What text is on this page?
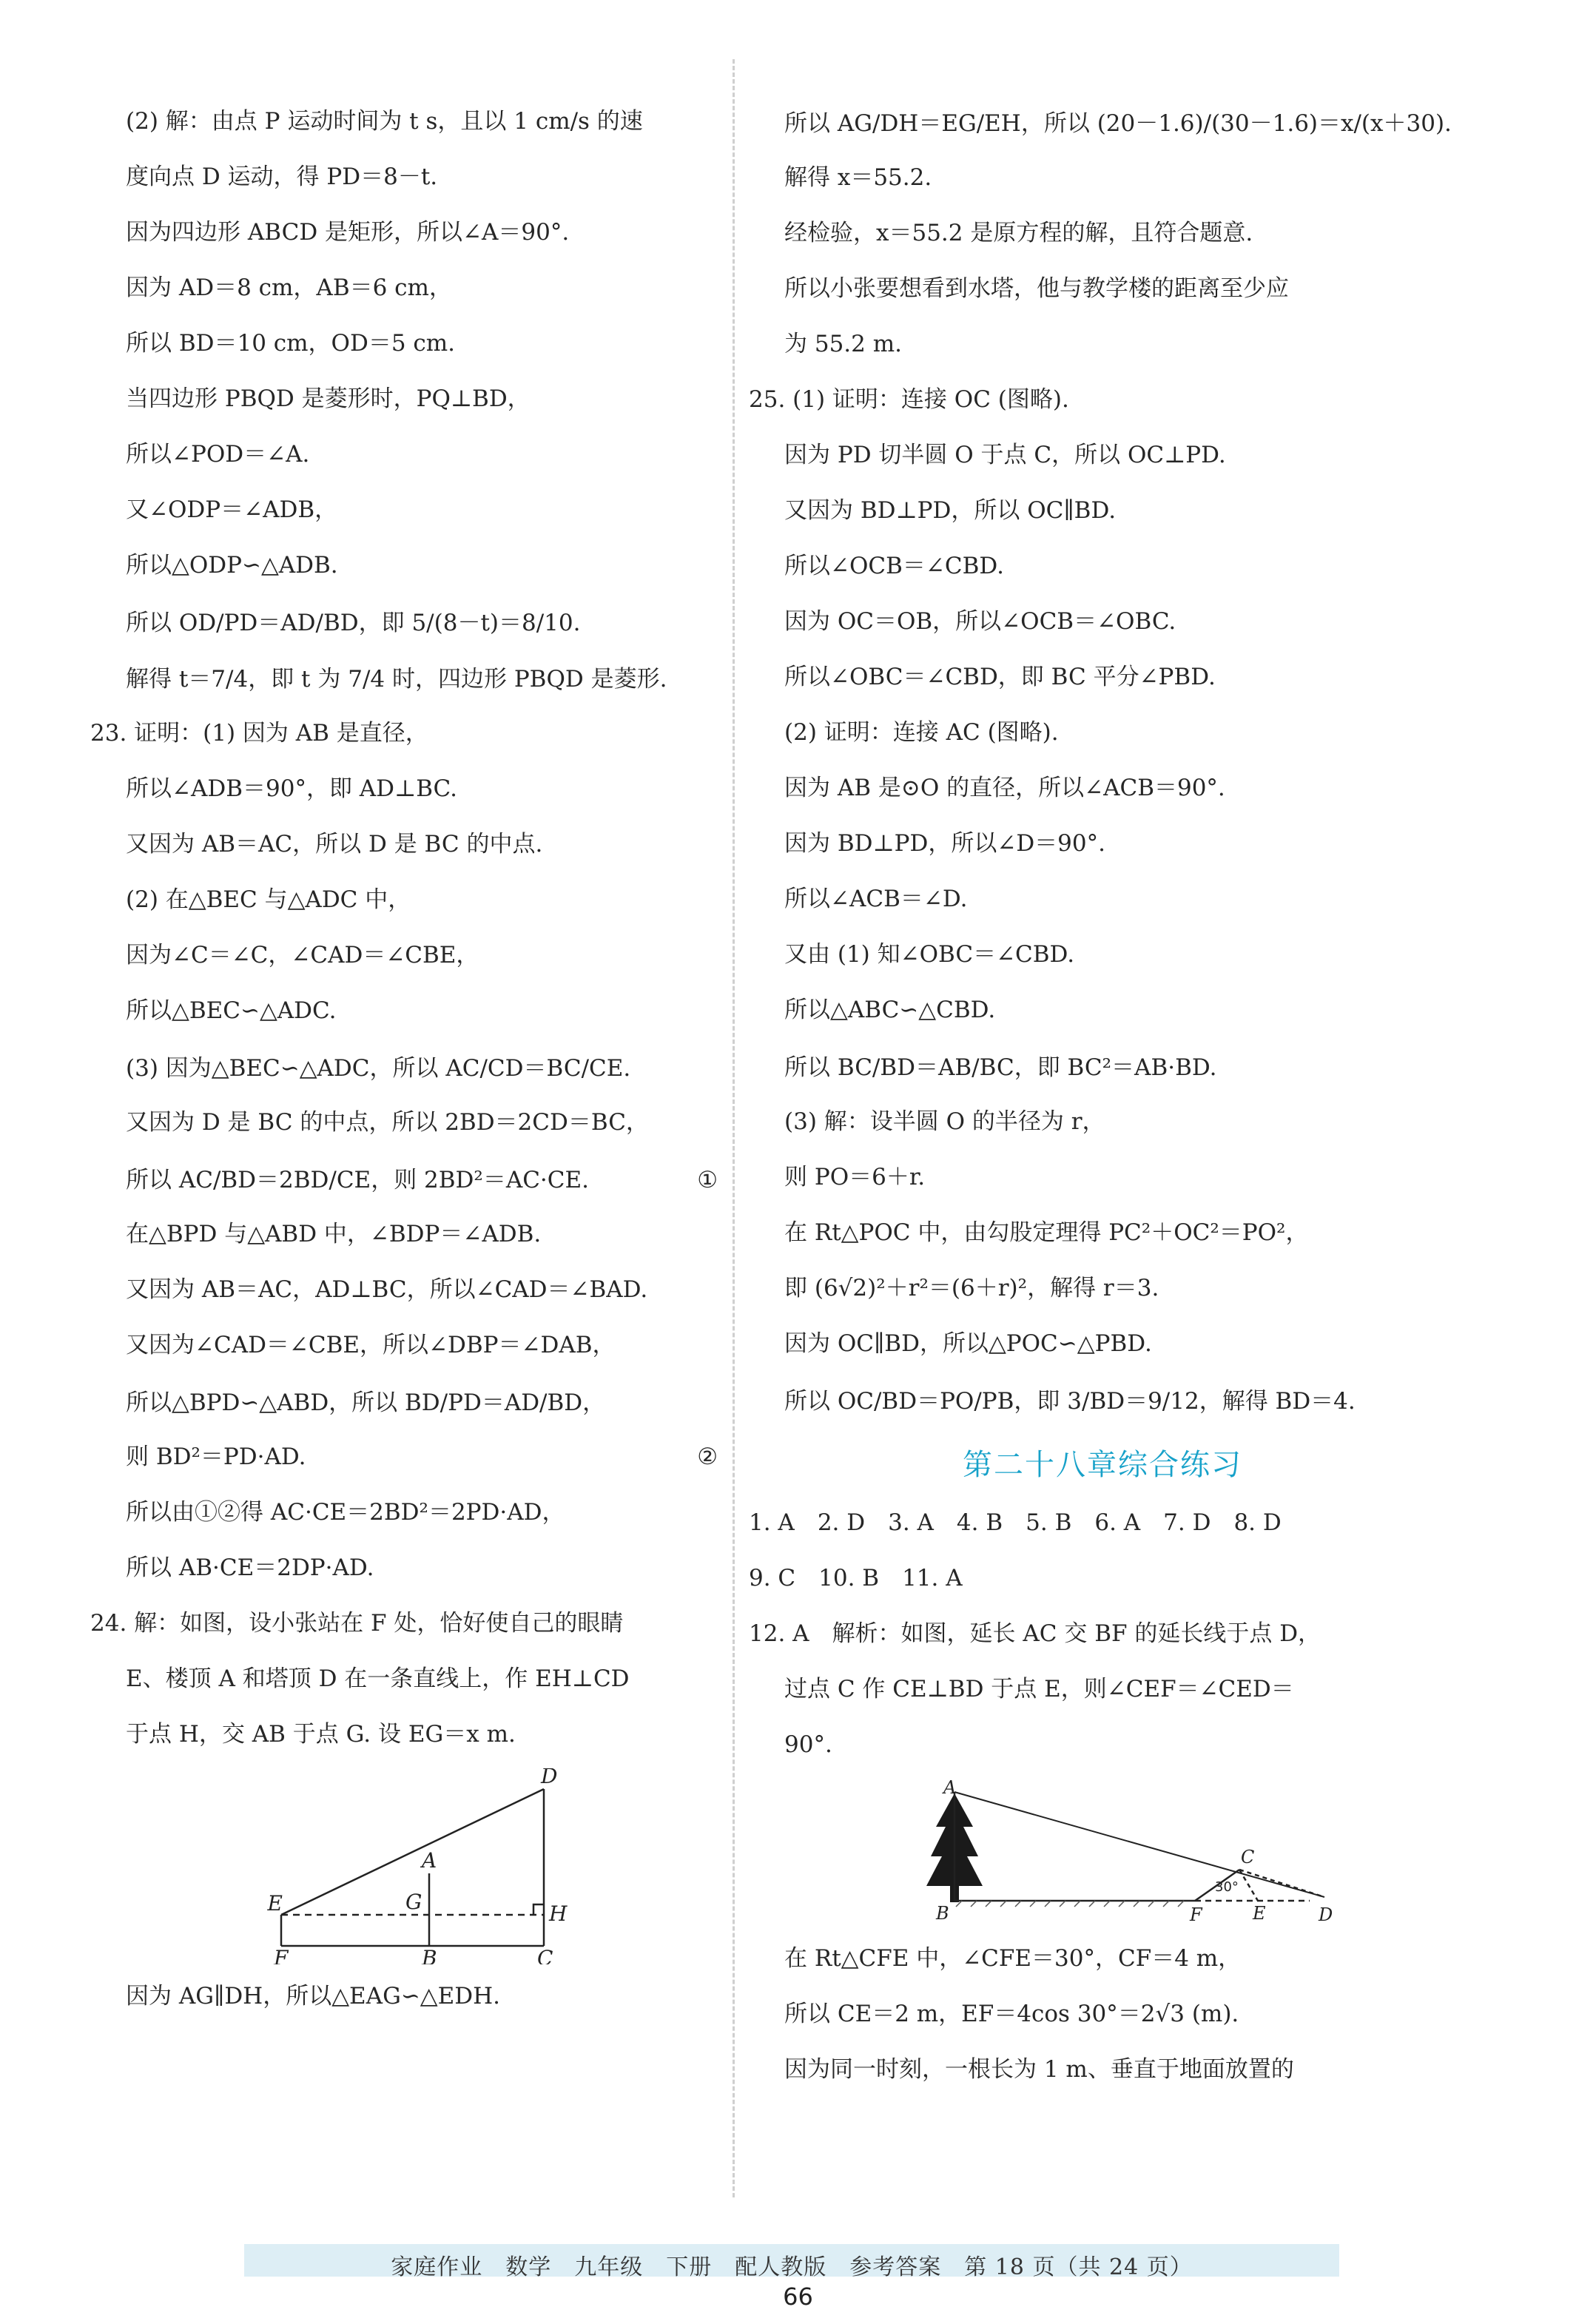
(2) 解：由点 P 运动时间为 t s，且以 1 cm/s 的速
度向点 D 运动，得 PD＝8－t.
因为四边形 ABCD 是矩形，所以∠A＝90°.
因为 AD＝8 cm，AB＝6 cm，
所以 BD＝10 cm，OD＝5 cm.
当四边形 PBQD 是菱形时，PQ⊥BD，
所以∠POD＝∠A.
又∠ODP＝∠ADB，
所以△ODP∽△ADB.
所以 OD/PD＝AD/BD，即 5/(8－t)＝8/10.
解得 t＝7/4，即 t 为 7/4 时，四边形 PBQD 是菱形.
23. 证明：(1) 因为 AB 是直径，
所以∠ADB＝90°，即 AD⊥BC.
又因为 AB＝AC，所以 D 是 BC 的中点.
(2) 在△BEC 与△ADC 中，
因为∠C＝∠C，∠CAD＝∠CBE，
所以△BEC∽△ADC.
(3) 因为△BEC∽△ADC，所以 AC/CD＝BC/CE.
又因为 D 是 BC 的中点，所以 2BD＝2CD＝BC，
所以 AC/BD＝2BD/CE，则 2BD²＝AC·CE.	①
在△BPD 与△ABD 中，∠BDP＝∠ADB.
又因为 AB＝AC，AD⊥BC，所以∠CAD＝∠BAD.
又因为∠CAD＝∠CBE，所以∠DBP＝∠DAB，
所以△BPD∽△ABD，所以 BD/PD＝AD/BD，
则 BD²＝PD·AD.	②
所以由①②得 AC·CE＝2BD²＝2PD·AD，
所以 AB·CE＝2DP·AD.
24. 解：如图，设小张站在 F 处，恰好使自己的眼睛
E、楼顶 A 和塔顶 D 在一条直线上，作 EH⊥CD
于点 H，交 AB 于点 G. 设 EG＝x m.
D
A
E	G	H
F	B	C
因为 AG∥DH，所以△EAG∽△EDH.
所以 AG/DH＝EG/EH，所以 (20－1.6)/(30－1.6)＝x/(x＋30).
解得 x＝55.2.
经检验，x＝55.2 是原方程的解，且符合题意.
所以小张要想看到水塔，他与教学楼的距离至少应
为 55.2 m.
25. (1) 证明：连接 OC (图略).
因为 PD 切半圆 O 于点 C，所以 OC⊥PD.
又因为 BD⊥PD，所以 OC∥BD.
所以∠OCB＝∠CBD.
因为 OC＝OB，所以∠OCB＝∠OBC.
所以∠OBC＝∠CBD，即 BC 平分∠PBD.
(2) 证明：连接 AC (图略).
因为 AB 是⊙O 的直径，所以∠ACB＝90°.
因为 BD⊥PD，所以∠D＝90°.
所以∠ACB＝∠D.
又由 (1) 知∠OBC＝∠CBD.
所以△ABC∽△CBD.
所以 BC/BD＝AB/BC，即 BC²＝AB·BD.
(3) 解：设半圆 O 的半径为 r，
则 PO＝6＋r.
在 Rt△POC 中，由勾股定理得 PC²＋OC²＝PO²，
即 (6√2)²＋r²＝(6＋r)²，解得 r＝3.
因为 OC∥BD，所以△POC∽△PBD.
所以 OC/BD＝PO/PB，即 3/BD＝9/12，解得 BD＝4.
第二十八章综合练习
1. A　2. D　3. A　4. B　5. B　6. A　7. D　8. D
9. C　10. B　11. A
12. A　解析：如图，延长 AC 交 BF 的延长线于点 D，
过点 C 作 CE⊥BD 于点 E，则∠CEF＝∠CED＝
90°.
A
C
B	F	E	D
30°
在 Rt△CFE 中，∠CFE＝30°，CF＝4 m，
所以 CE＝2 m，EF＝4cos 30°＝2√3 (m).
因为同一时刻，一根长为 1 m、垂直于地面放置的
家庭作业　数学　九年级　下册　配人教版　参考答案　第 18 页（共 24 页）
66
